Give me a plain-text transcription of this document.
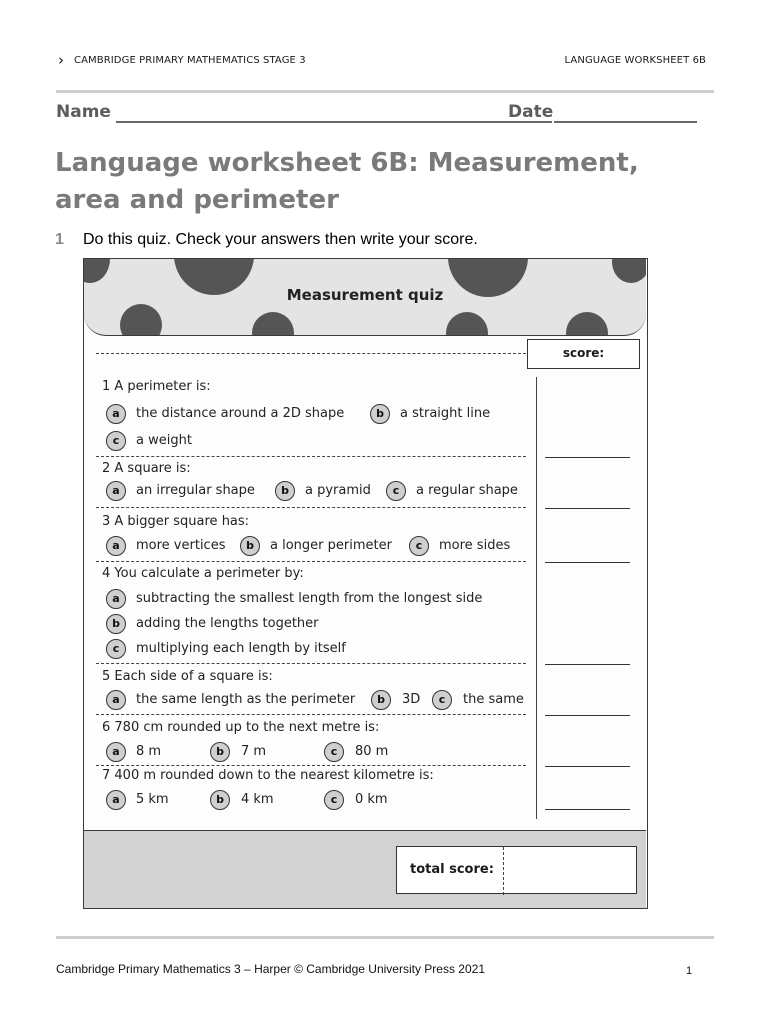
› CAMBRIDGE PRIMARY MATHEMATICS STAGE 3	LANGUAGE WORKSHEET 6B
Name	Date
Language worksheet 6B: Measurement, area and perimeter
1 Do this quiz. Check your answers then write your score.
Measurement quiz
score:
1 A perimeter is:
a	the distance around a 2D shape	b	a straight line
c	a weight
2 A square is:
a	an irregular shape	b	a pyramid	c	a regular shape
3 A bigger square has:
a	more vertices	b	a longer perimeter	c	more sides
4 You calculate a perimeter by:
a	subtracting the smallest length from the longest side
b	adding the lengths together
c	multiplying each length by itself
5 Each side of a square is:
a	the same length as the perimeter	b	3D	c	the same
6 780 cm rounded up to the next metre is:
a	8 m	b	7 m	c	80 m
7 400 m rounded down to the nearest kilometre is:
a	5 km	b	4 km	c	0 km
total score:
Cambridge Primary Mathematics 3 – Harper © Cambridge University Press 2021	1
